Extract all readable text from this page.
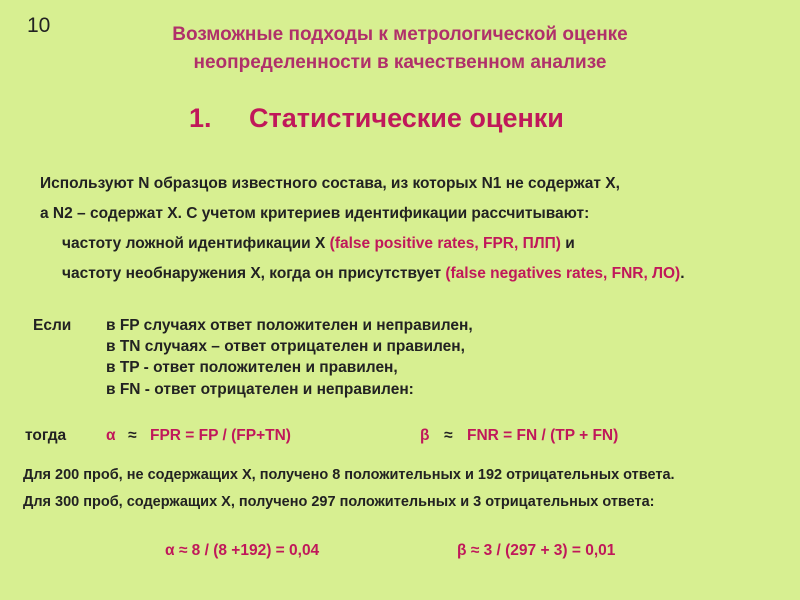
10	Возможные подходы к метрологической оценке
неопределенности в качественном анализе
1. Статистические оценки
Используют N образцов известного состава, из которых N1 не содержат X,
а N2 – содержат X. С учетом критериев идентификации рассчитывают:
частоту ложной идентификации X (false positive rates, FPR, ПЛП) и
частоту необнаружения X, когда он присутствует (false negatives rates, FNR, ЛО).
Если в FP случаях ответ положителен и неправилен,
в TN случаях – ответ отрицателен и правилен,
в TP - ответ положителен и правилен,
в FN - ответ отрицателен и неправилен:
тогда	α ≈ FPR = FP / (FP+TN)	β ≈ FNR = FN / (TP + FN)
Для 200 проб, не содержащих X, получено 8 положительных и 192 отрицательных ответа.
Для 300 проб, содержащих X, получено 297 положительных и 3 отрицательных ответа:
α ≈ 8 / (8 +192) = 0,04	β ≈ 3 / (297 + 3) = 0,01
